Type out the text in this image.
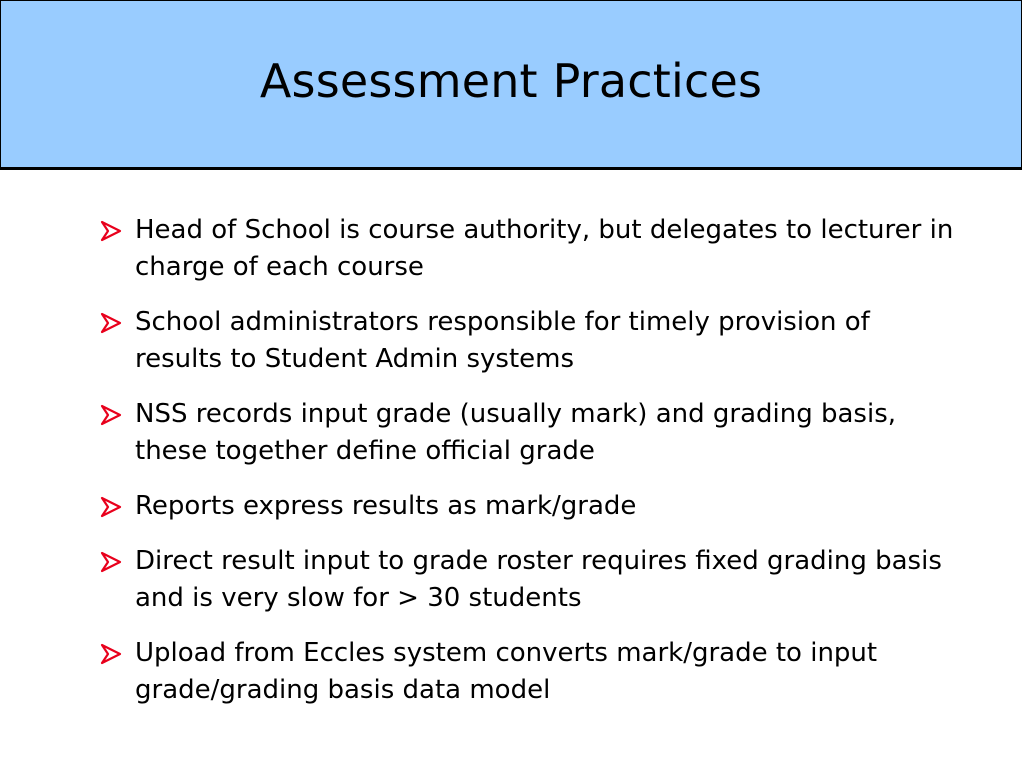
Assessment Practices
Head of School is course authority, but delegates to lecturer in charge of each course
School administrators responsible for timely provision of results to Student Admin systems
NSS records input grade (usually mark) and grading basis, these together define official grade
Reports express results as mark/grade
Direct result input to grade roster requires fixed grading basis and is very slow for > 30 students
Upload from Eccles system converts mark/grade to input grade/grading basis data model
